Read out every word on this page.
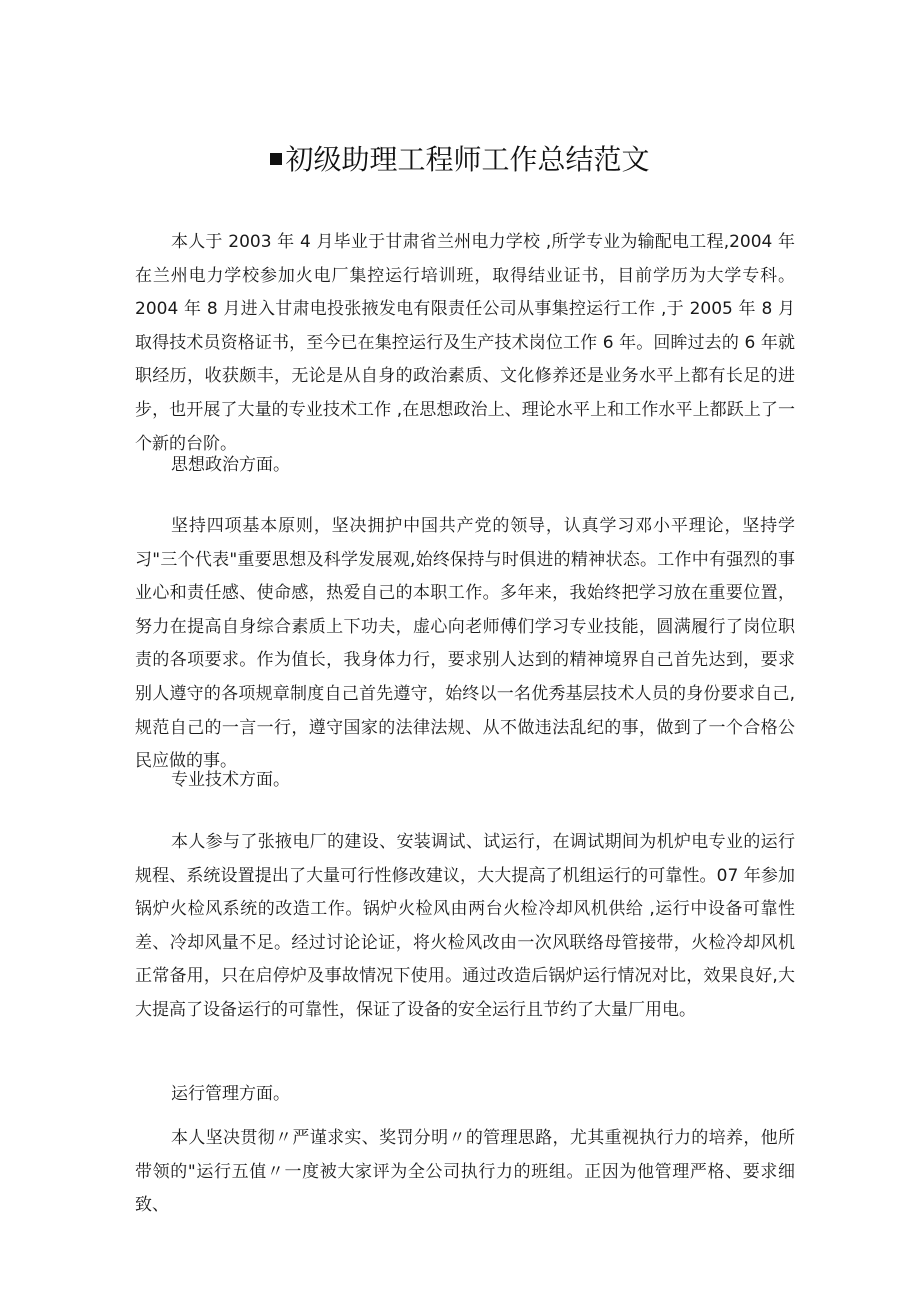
初级助理工程师工作总结范文

本人于 2003 年 4 月毕业于甘肃省兰州电力学校 ,所学专业为输配电工程,2004 年在兰州电力学校参加火电厂集控运行培训班，取得结业证书，目前学历为大学专科。2004 年 8 月进入甘肃电投张掖发电有限责任公司从事集控运行工作 ,于 2005 年 8 月取得技术员资格证书，至今已在集控运行及生产技术岗位工作 6 年。回眸过去的 6 年就职经历，收获颇丰，无论是从自身的政治素质、文化修养还是业务水平上都有长足的进步，也开展了大量的专业技术工作 ,在思想政治上、理论水平上和工作水平上都跃上了一个新的台阶。

思想政治方面。

坚持四项基本原则，坚决拥护中国共产党的领导，认真学习邓小平理论，坚持学习"三个代表"重要思想及科学发展观,始终保持与时俱进的精神状态。工作中有强烈的事业心和责任感、使命感，热爱自己的本职工作。多年来，我始终把学习放在重要位置，努力在提高自身综合素质上下功夫，虚心向老师傅们学习专业技能，圆满履行了岗位职责的各项要求。作为值长，我身体力行，要求别人达到的精神境界自己首先达到，要求别人遵守的各项规章制度自己首先遵守，始终以一名优秀基层技术人员的身份要求自己,规范自己的一言一行，遵守国家的法律法规、从不做违法乱纪的事，做到了一个合格公民应做的事。

专业技术方面。

本人参与了张掖电厂的建设、安装调试、试运行，在调试期间为机炉电专业的运行规程、系统设置提出了大量可行性修改建议，大大提高了机组运行的可靠性。07 年参加锅炉火检风系统的改造工作。锅炉火检风由两台火检冷却风机供给 ,运行中设备可靠性差、冷却风量不足。经过讨论论证，将火检风改由一次风联络母管接带，火检冷却风机正常备用，只在启停炉及事故情况下使用。通过改造后锅炉运行情况对比，效果良好,大大提高了设备运行的可靠性，保证了设备的安全运行且节约了大量厂用电。

运行管理方面。

本人坚决贯彻〃严谨求实、奖罚分明〃的管理思路，尤其重视执行力的培养，他所带领的"运行五值〃一度被大家评为全公司执行力的班组。正因为他管理严格、要求细致、
